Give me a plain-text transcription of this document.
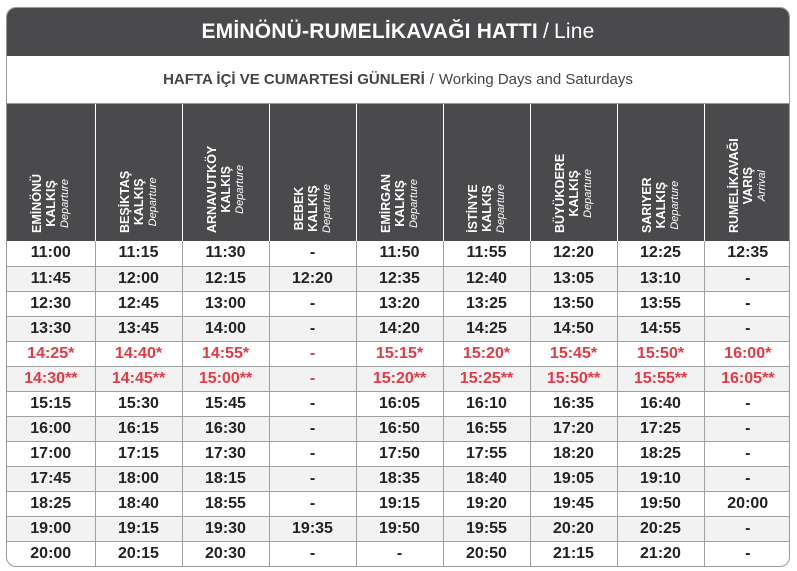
EMİNÖNÜ-RUMELİKAVAĞI HATTI / Line
HAFTA İÇİ VE CUMARTESİ GÜNLERİ / Working Days and Saturdays
EMİNÖNÜ KALKIŞ Departure	BEŞİKTAŞ KALKIŞ Departure	ARNAVUTKÖY KALKIŞ Departure	BEBEK KALKIŞ Departure	EMİRGAN KALKIŞ Departure	İSTİNYE KALKIŞ Departure	BÜYÜKDERE KALKIŞ Departure	SARIYER KALKIŞ Departure	RUMELİKAVAĞI VARIŞ Arrival

11:00	11:15	11:30	-	11:50	11:55	12:20	12:25	12:35
11:45	12:00	12:15	12:20	12:35	12:40	13:05	13:10	-
12:30	12:45	13:00	-	13:20	13:25	13:50	13:55	-
13:30	13:45	14:00	-	14:20	14:25	14:50	14:55	-
14:25*	14:40*	14:55*	-	15:15*	15:20*	15:45*	15:50*	16:00*
14:30**	14:45**	15:00**	-	15:20**	15:25**	15:50**	15:55**	16:05**
15:15	15:30	15:45	-	16:05	16:10	16:35	16:40	-
16:00	16:15	16:30	-	16:50	16:55	17:20	17:25	-
17:00	17:15	17:30	-	17:50	17:55	18:20	18:25	-
17:45	18:00	18:15	-	18:35	18:40	19:05	19:10	-
18:25	18:40	18:55	-	19:15	19:20	19:45	19:50	20:00
19:00	19:15	19:30	19:35	19:50	19:55	20:20	20:25	-
20:00	20:15	20:30	-	-	20:50	21:15	21:20	-
